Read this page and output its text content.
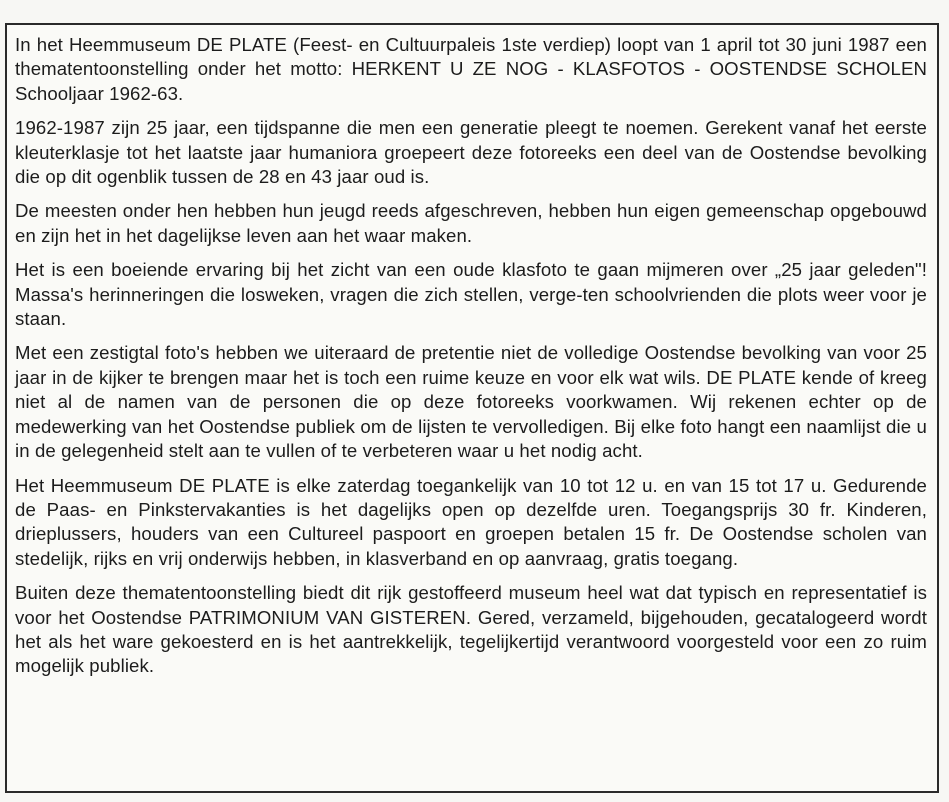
In het Heemmuseum DE PLATE (Feest- en Cultuurpaleis 1ste verdiep) loopt van 1 april tot 30 juni 1987 een thematentoonstelling onder het motto: HERKENT U ZE NOG - KLASFOTOS - OOSTENDSE SCHOLEN Schooljaar 1962-63.

1962-1987 zijn 25 jaar, een tijdspanne die men een generatie pleegt te noemen. Gerekent vanaf het eerste kleuterklasje tot het laatste jaar humaniora groepeert deze fotoreeks een deel van de Oostendse bevolking die op dit ogenblik tussen de 28 en 43 jaar oud is.

De meesten onder hen hebben hun jeugd reeds afgeschreven, hebben hun eigen gemeenschap opgebouwd en zijn het in het dagelijkse leven aan het waar maken.

Het is een boeiende ervaring bij het zicht van een oude klasfoto te gaan mijmeren over „25 jaar geleden"! Massa's herinneringen die losweken, vragen die zich stellen, verge-ten schoolvrienden die plots weer voor je staan.

Met een zestigtal foto's hebben we uiteraard de pretentie niet de volledige Oostendse bevolking van voor 25 jaar in de kijker te brengen maar het is toch een ruime keuze en voor elk wat wils. DE PLATE kende of kreeg niet al de namen van de personen die op deze fotoreeks voorkwamen. Wij rekenen echter op de medewerking van het Oostendse publiek om de lijsten te vervolledigen. Bij elke foto hangt een naamlijst die u in de gelegenheid stelt aan te vullen of te verbeteren waar u het nodig acht.

Het Heemmuseum DE PLATE is elke zaterdag toegankelijk van 10 tot 12 u. en van 15 tot 17 u. Gedurende de Paas- en Pinkstervakanties is het dagelijks open op dezelfde uren. Toegangsprijs 30 fr. Kinderen, drieplussers, houders van een Cultureel paspoort en groepen betalen 15 fr. De Oostendse scholen van stedelijk, rijks en vrij onderwijs hebben, in klasverband en op aanvraag, gratis toegang.

Buiten deze thematentoonstelling biedt dit rijk gestoffeerd museum heel wat dat typisch en representatief is voor het Oostendse PATRIMONIUM VAN GISTEREN. Gered, verzameld, bijgehouden, gecatalogeerd wordt het als het ware gekoesterd en is het aantrekkelijk, tegelijkertijd verantwoord voorgesteld voor een zo ruim mogelijk publiek.
